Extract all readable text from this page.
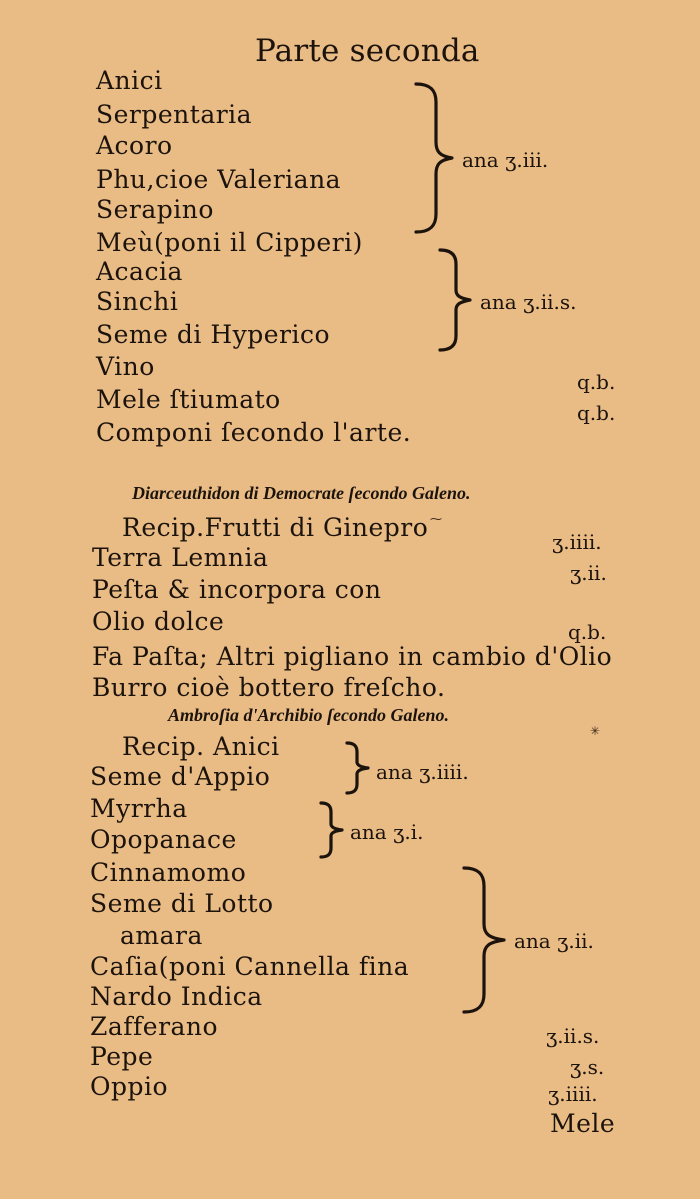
Parte seconda
Anici
Serpentaria
Acoro
Phu,cioe Valeriana
Serapino
Meù(poni il Cipperi)
Acacia
Sinchi
Seme di Hyperico
Vino
Mele ſtiumato
Componi ſecondo l'arte.
ana ʒ.iii.
ana ʒ.ii.s.
q.b.
q.b.
Diarceuthidon di Democrate ſecondo Galeno.
Recip.Frutti di Ginepro
Terra Lemnia
Peſta & incorpora con
Olio dolce
Fa Paſta; Altri pigliano in cambio d'Olio
Burro cioè bottero freſcho.
ʒ.iiii.
ʒ.ii.
q.b.
Ambroſia d'Archibio ſecondo Galeno.
Recip. Anici
Seme d'Appio
Myrrha
Opopanace
Cinnamomo
Seme di Lotto
amara
Caſia(poni Cannella fina
Nardo Indica
Zafferano
Pepe
Oppio
ana ʒ.iiii.
ana ʒ.i.
ana ʒ.ii.
ʒ.ii.s.
ʒ.s.
ʒ.iiii.
Mele
✳
⁓
